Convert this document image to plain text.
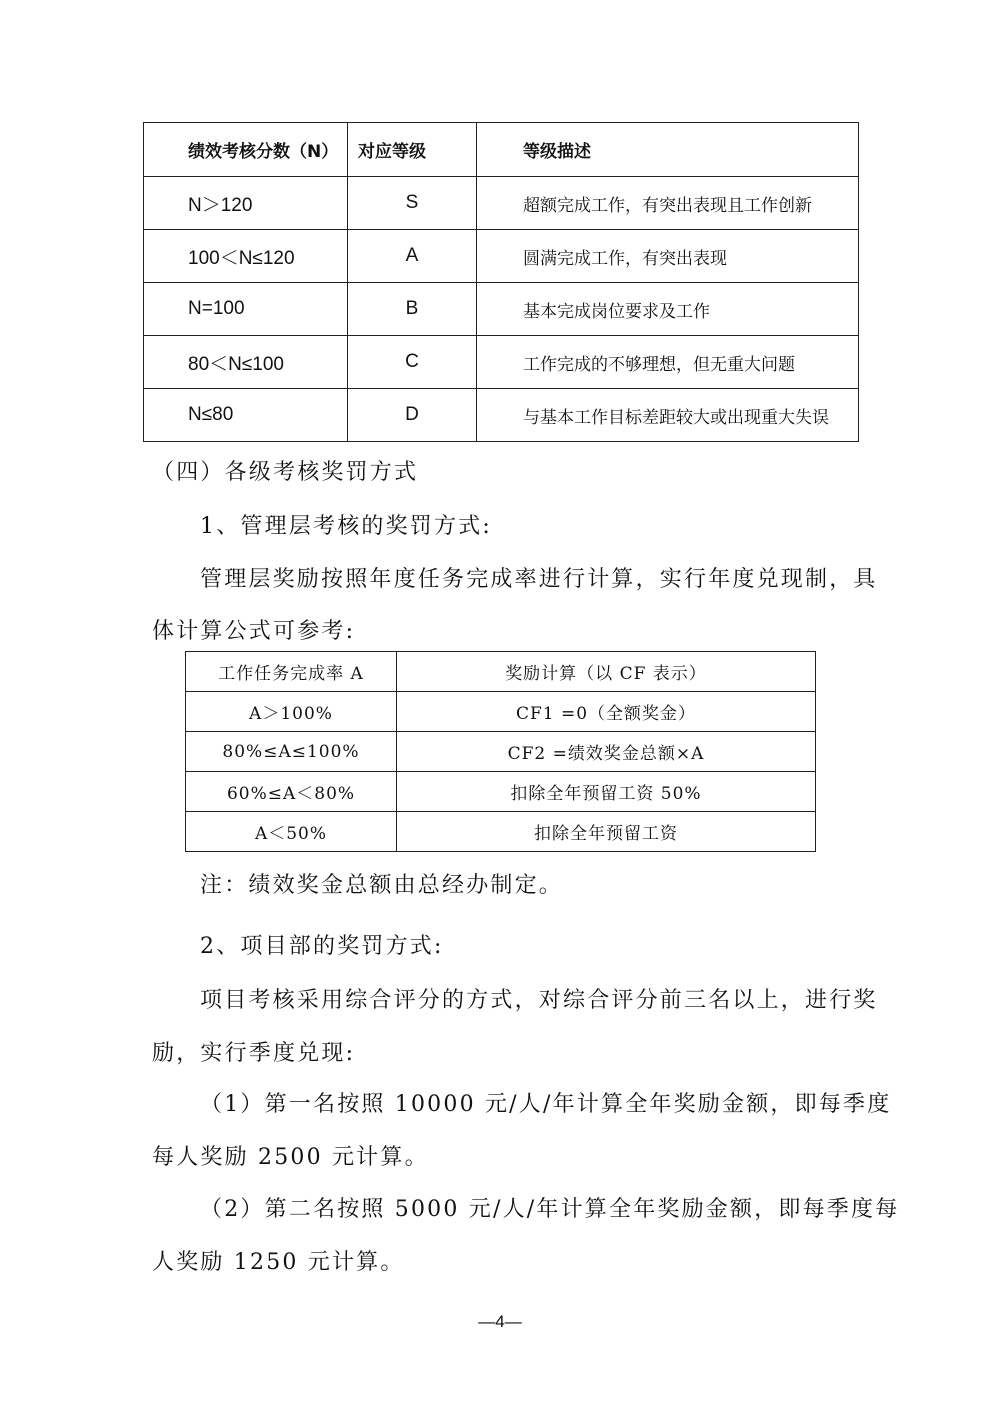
绩效考核分数（N）	对应等级	等级描述
N＞120	S	超额完成工作，有突出表现且工作创新
100＜N≤120	A	圆满完成工作，有突出表现
N=100	B	基本完成岗位要求及工作
80＜N≤100	C	工作完成的不够理想，但无重大问题
N≤80	D	与基本工作目标差距较大或出现重大失误

（四）各级考核奖罚方式

1、管理层考核的奖罚方式:

管理层奖励按照年度任务完成率进行计算，实行年度兑现制，具

体计算公式可参考:

工作任务完成率 A	奖励计算（以 CF 表示）
A＞100%	CF1 =0（全额奖金）
80%≤A≤100%	CF2 =绩效奖金总额×A
60%≤A＜80%	扣除全年预留工资 50%
A＜50%	扣除全年预留工资

注：绩效奖金总额由总经办制定。

2、项目部的奖罚方式:

项目考核采用综合评分的方式，对综合评分前三名以上，进行奖

励，实行季度兑现:

（1）第一名按照 10000 元/人/年计算全年奖励金额，即每季度

每人奖励 2500 元计算。

（2）第二名按照 5000 元/人/年计算全年奖励金额，即每季度每

人奖励 1250 元计算。

—4—
